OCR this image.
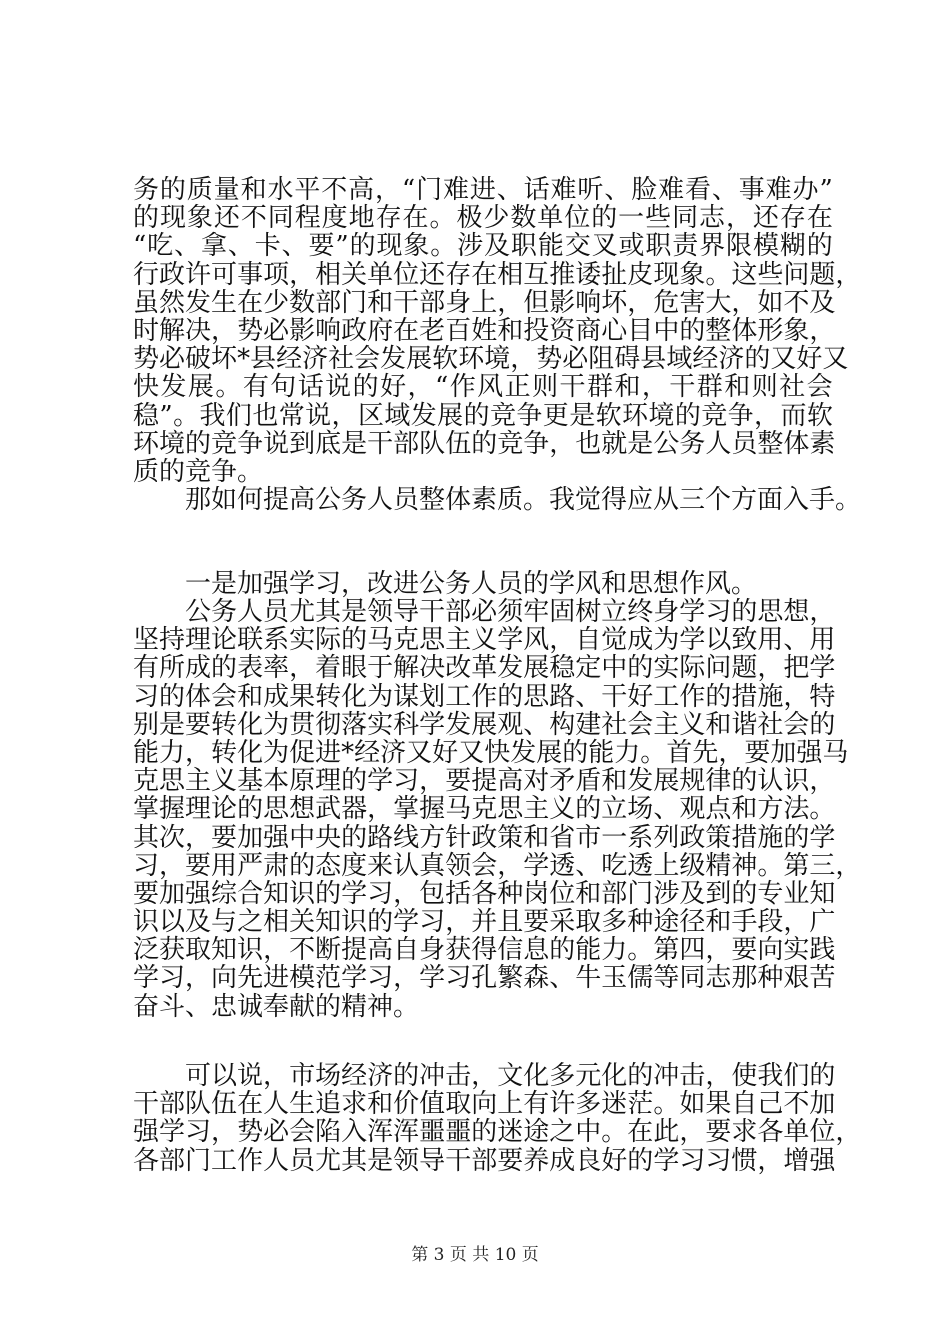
务 的 质 量 和 水 平 不 高 ， “ 门 难 进 、 话 难 听 、 脸 难 看 、 事 难 办 ”
的 现 象 还 不 同 程 度 地 存 在 。 极 少 数 单 位 的 一 些 同 志 ， 还 存 在
“ 吃 、 拿 、 卡 、 要 ” 的 现 象 。 涉 及 职 能 交 叉 或 职 责 界 限 模 糊 的
行 政 许 可 事 项 ， 相 关 单 位 还 存 在 相 互 推 诿 扯 皮 现 象 。 这 些 问 题 ，
虽 然 发 生 在 少 数 部 门 和 干 部 身 上 ， 但 影 响 坏 ， 危 害 大 ， 如 不 及
时 解 决 ， 势 必 影 响 政 府 在 老 百 姓 和 投 资 商 心 目 中 的 整 体 形 象 ，
势 必 破 坏 * 县 经 济 社 会 发 展 软 环 境 ， 势 必 阻 碍 县 域 经 济 的 又 好 又
快 发 展 。 有 句 话 说 的 好 ， “ 作 风 正 则 干 群 和 ， 干 群 和 则 社 会
稳 ” 。 我 们 也 常 说 ， 区 域 发 展 的 竞 争 更 是 软 环 境 的 竞 争 ， 而 软
环 境 的 竞 争 说 到 底 是 干 部 队 伍 的 竞 争 ， 也 就 是 公 务 人 员 整 体 素
质的竞争。
那如何提高公务人员整体素质。我觉得应从三个方面入手。
一是加强学习，改进公务人员的学风和思想作风。
公 务 人 员 尤 其 是 领 导 干 部 必 须 牢 固 树 立 终 身 学 习 的 思 想 ，
坚 持 理 论 联 系 实 际 的 马 克 思 主 义 学 风 ， 自 觉 成 为 学 以 致 用 、 用
有 所 成 的 表 率 ， 着 眼 于 解 决 改 革 发 展 稳 定 中 的 实 际 问 题 ， 把 学
习 的 体 会 和 成 果 转 化 为 谋 划 工 作 的 思 路 、 干 好 工 作 的 措 施 ， 特
别 是 要 转 化 为 贯 彻 落 实 科 学 发 展 观 、 构 建 社 会 主 义 和 谐 社 会 的
能 力 ， 转 化 为 促 进 * 经 济 又 好 又 快 发 展 的 能 力 。 首 先 ， 要 加 强 马
克 思 主 义 基 本 原 理 的 学 习 ， 要 提 高 对 矛 盾 和 发 展 规 律 的 认 识 ，
掌 握 理 论 的 思 想 武 器 ， 掌 握 马 克 思 主 义 的 立 场 、 观 点 和 方 法 。
其 次 ， 要 加 强 中 央 的 路 线 方 针 政 策 和 省 市 一 系 列 政 策 措 施 的 学
习 ， 要 用 严 肃 的 态 度 来 认 真 领 会 ， 学 透 、 吃 透 上 级 精 神 。 第 三 ，
要 加 强 综 合 知 识 的 学 习 ， 包 括 各 种 岗 位 和 部 门 涉 及 到 的 专 业 知
识 以 及 与 之 相 关 知 识 的 学 习 ， 并 且 要 采 取 多 种 途 径 和 手 段 ， 广
泛 获 取 知 识 ， 不 断 提 高 自 身 获 得 信 息 的 能 力 。 第 四 ， 要 向 实 践
学 习 ， 向 先 进 模 范 学 习 ， 学 习 孔 繁 森 、 牛 玉 儒 等 同 志 那 种 艰 苦
奋斗、忠诚奉献的精神。
可 以 说 ， 市 场 经 济 的 冲 击 ， 文 化 多 元 化 的 冲 击 ， 使 我 们 的
干 部 队 伍 在 人 生 追 求 和 价 值 取 向 上 有 许 多 迷 茫 。 如 果 自 己 不 加
强 学 习 ， 势 必 会 陷 入 浑 浑 噩 噩 的 迷 途 之 中 。 在 此 ， 要 求 各 单 位 ，
各 部 门 工 作 人 员 尤 其 是 领 导 干 部 要 养 成 良 好 的 学 习 习 惯 ， 增 强
第 3 页 共 10 页
